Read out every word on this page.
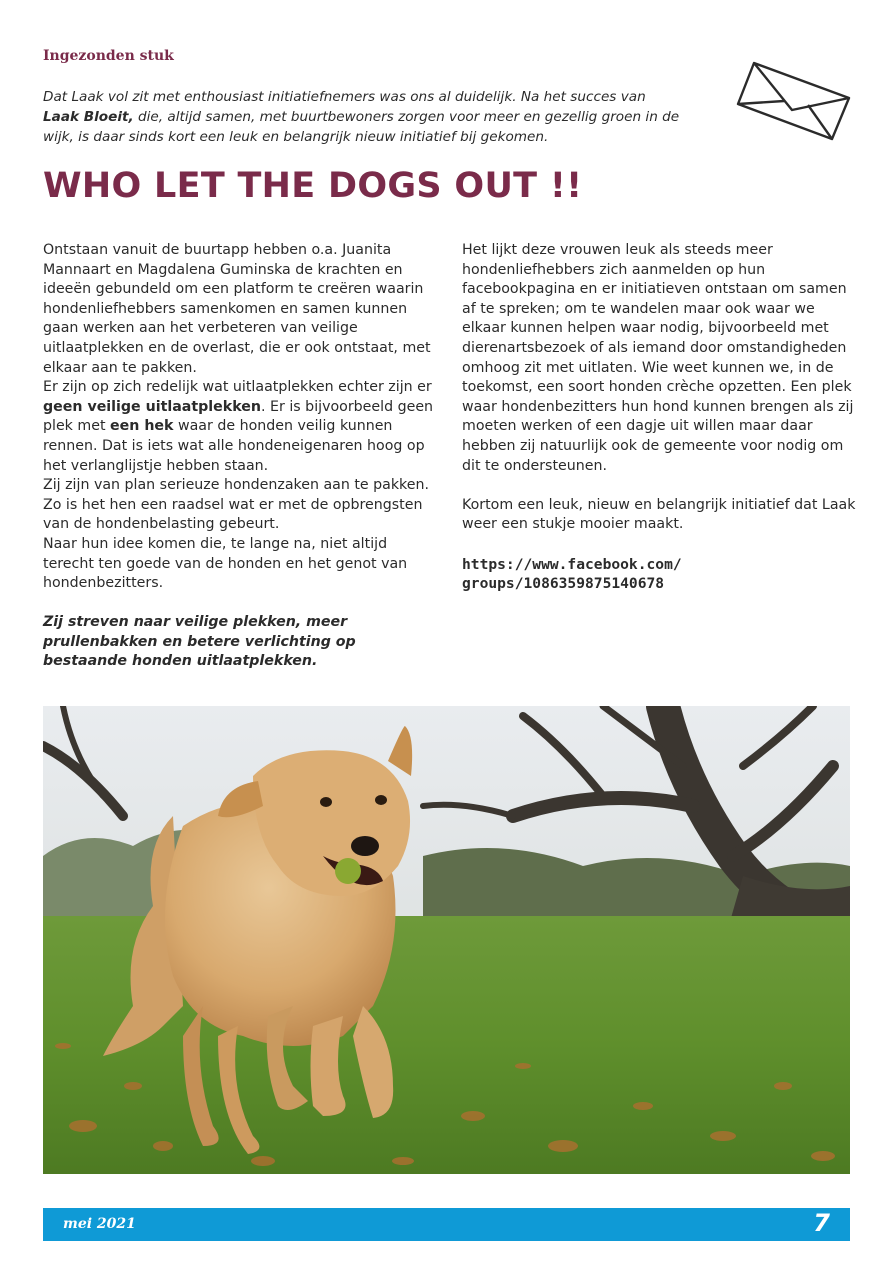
Ingezonden stuk
Dat Laak vol zit met enthousiast initiatiefnemers was ons al duidelijk. Na het succes van
Laak Bloeit, die, altijd samen, met buurtbewoners zorgen voor meer en gezellig groen in de wijk, is daar sinds kort een leuk en belangrijk nieuw initiatief bij gekomen.
WHO LET THE DOGS OUT !!

Ontstaan vanuit de buurtapp hebben o.a. Juanita Mannaart en Magdalena Guminska de krachten en ideeën gebundeld om een platform te creëren waarin hondenliefhebbers samenkomen en samen kunnen gaan werken aan het verbeteren van veilige uitlaatplekken en de overlast, die er ook ontstaat, met elkaar aan te pakken.

Er zijn op zich redelijk wat uitlaatplekken echter zijn er geen veilige uitlaatplekken. Er is bijvoorbeeld geen plek met een hek waar de honden veilig kunnen rennen. Dat is iets wat alle hondeneigenaren hoog op het verlanglijstje hebben staan.

Zij zijn van plan serieuze hondenzaken aan te pakken. Zo is het hen een raadsel wat er met de opbrengsten van de hondenbelasting gebeurt.

Naar hun idee komen die, te lange na, niet altijd terecht ten goede van de honden en het genot van hondenbezitters.

Zij streven naar veilige plekken, meer prullenbakken en betere verlichting op bestaande honden uitlaatplekken.

Het lijkt deze vrouwen leuk als steeds meer hondenliefhebbers zich aanmelden op hun facebookpagina en er initiatieven ontstaan om samen af te spreken; om te wandelen maar ook waar we elkaar kunnen helpen waar nodig, bijvoorbeeld met dierenartsbezoek of als iemand door omstandigheden omhoog zit met uitlaten. Wie weet kunnen we, in de toekomst, een soort honden crèche opzetten. Een plek waar hondenbezitters hun hond kunnen brengen als zij moeten werken of een dagje uit willen maar daar hebben zij natuurlijk ook de gemeente voor nodig om dit te ondersteunen.

Kortom een leuk, nieuw en belangrijk initiatief dat Laak weer een stukje mooier maakt.

https://www.facebook.com/
groups/1086359875140678
mei 2021	7
